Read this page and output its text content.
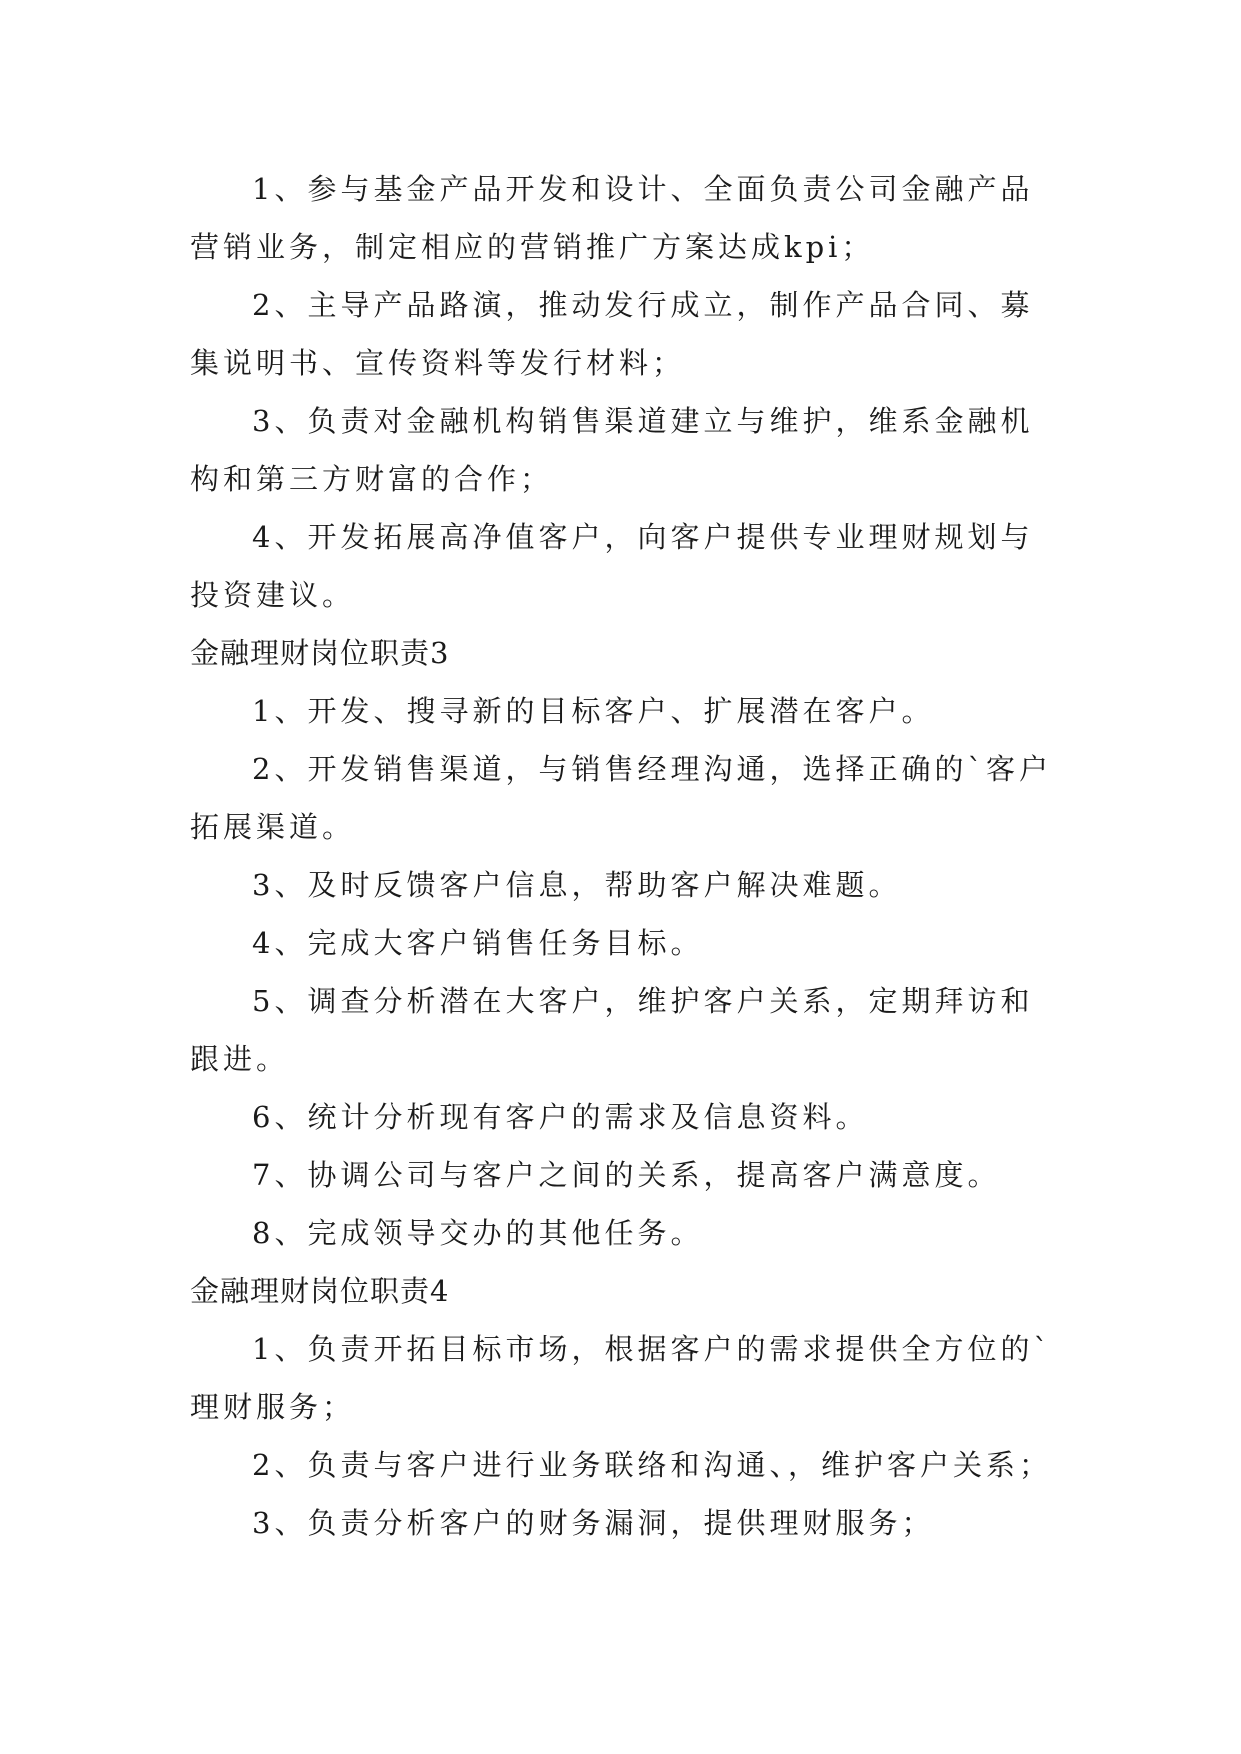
1、参与基金产品开发和设计、全面负责公司金融产品
营销业务，制定相应的营销推广方案达成kpi；
2、主导产品路演，推动发行成立，制作产品合同、募
集说明书、宣传资料等发行材料；
3、负责对金融机构销售渠道建立与维护，维系金融机
构和第三方财富的合作；
4、开发拓展高净值客户，向客户提供专业理财规划与
投资建议。
金融理财岗位职责3
1、开发、搜寻新的目标客户、扩展潜在客户。
2、开发销售渠道，与销售经理沟通，选择正确的`客户
拓展渠道。
3、及时反馈客户信息，帮助客户解决难题。
4、完成大客户销售任务目标。
5、调查分析潜在大客户，维护客户关系，定期拜访和
跟进。
6、统计分析现有客户的需求及信息资料。
7、协调公司与客户之间的关系，提高客户满意度。
8、完成领导交办的其他任务。
金融理财岗位职责4
1、负责开拓目标市场，根据客户的需求提供全方位的`
理财服务；
2、负责与客户进行业务联络和沟通、，维护客户关系；
3、负责分析客户的财务漏洞，提供理财服务；
